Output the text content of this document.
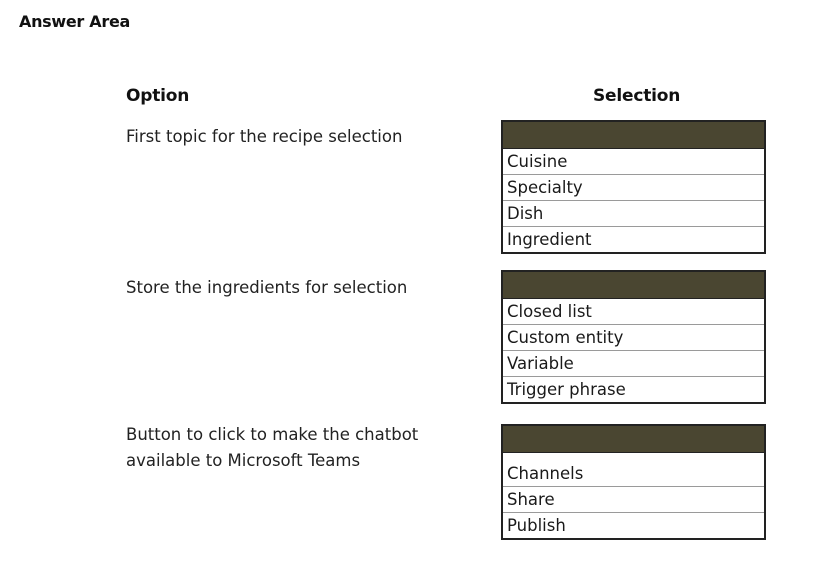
Answer Area
Option	Selection
First topic for the recipe selection
Cuisine
Specialty
Dish
Ingredient
Store the ingredients for selection
Closed list
Custom entity
Variable
Trigger phrase
Button to click to make the chatbot
available to Microsoft Teams
Channels
Share
Publish
